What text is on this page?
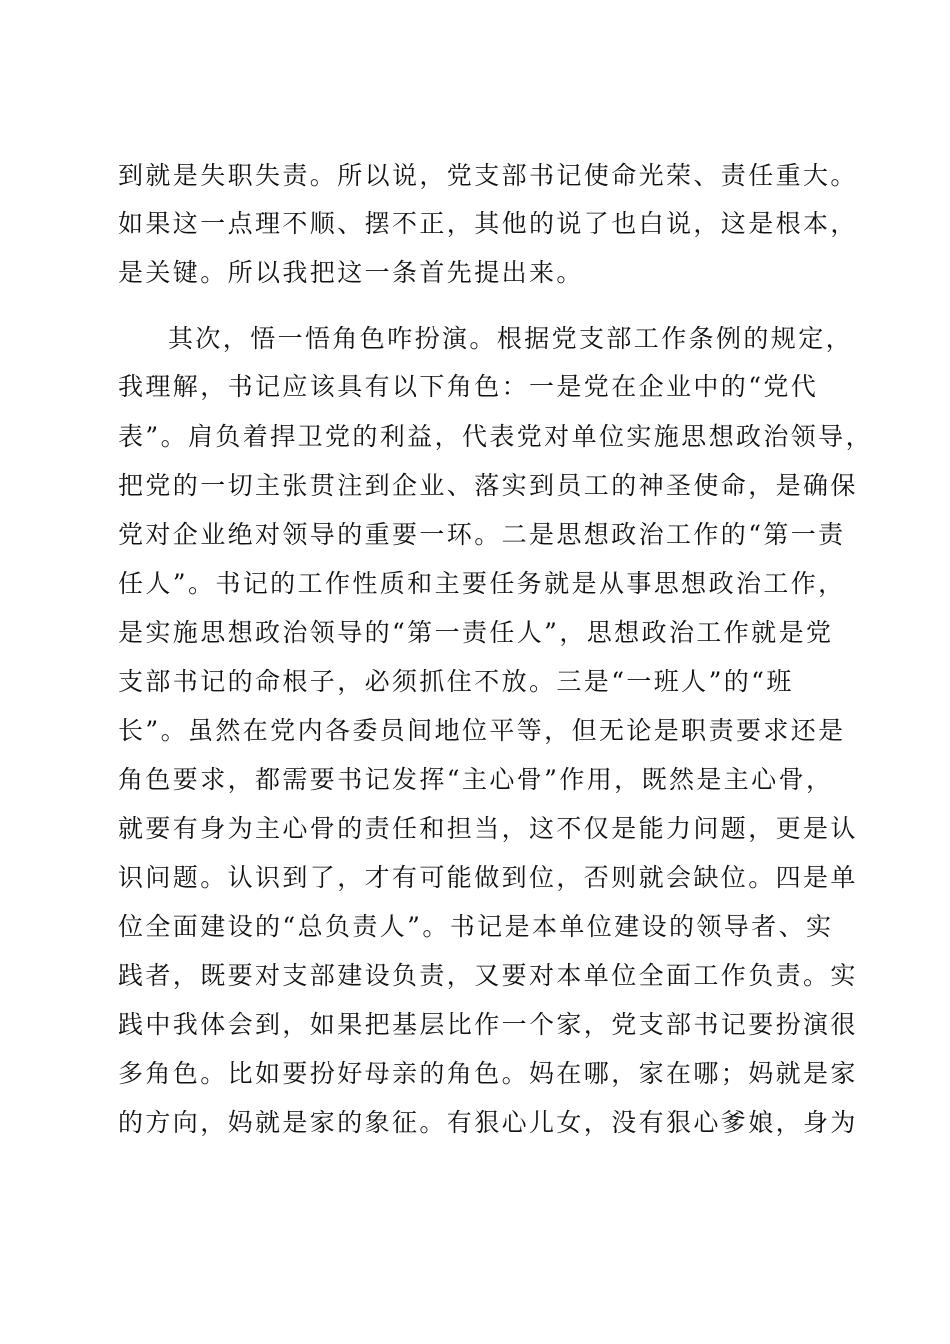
到就是失职失责。所以说，党支部书记使命光荣、责任重大。

如果这一点理不顺、摆不正，其他的说了也白说，这是根本，

是关键。所以我把这一条首先提出来。

其次，悟一悟角色咋扮演。根据党支部工作条例的规定，

我理解，书记应该具有以下角色：一是党在企业中的“党代

表”。肩负着捍卫党的利益，代表党对单位实施思想政治领导，

把党的一切主张贯注到企业、落实到员工的神圣使命，是确保

党对企业绝对领导的重要一环。二是思想政治工作的“第一责

任人”。书记的工作性质和主要任务就是从事思想政治工作，

是实施思想政治领导的“第一责任人”，思想政治工作就是党

支部书记的命根子，必须抓住不放。三是“一班人”的“班

长”。虽然在党内各委员间地位平等，但无论是职责要求还是

角色要求，都需要书记发挥“主心骨”作用，既然是主心骨，

就要有身为主心骨的责任和担当，这不仅是能力问题，更是认

识问题。认识到了，才有可能做到位，否则就会缺位。四是单

位全面建设的“总负责人”。书记是本单位建设的领导者、实

践者，既要对支部建设负责，又要对本单位全面工作负责。实

践中我体会到，如果把基层比作一个家，党支部书记要扮演很

多角色。比如要扮好母亲的角色。妈在哪，家在哪；妈就是家

的方向，妈就是家的象征。有狠心儿女，没有狠心爹娘，身为
